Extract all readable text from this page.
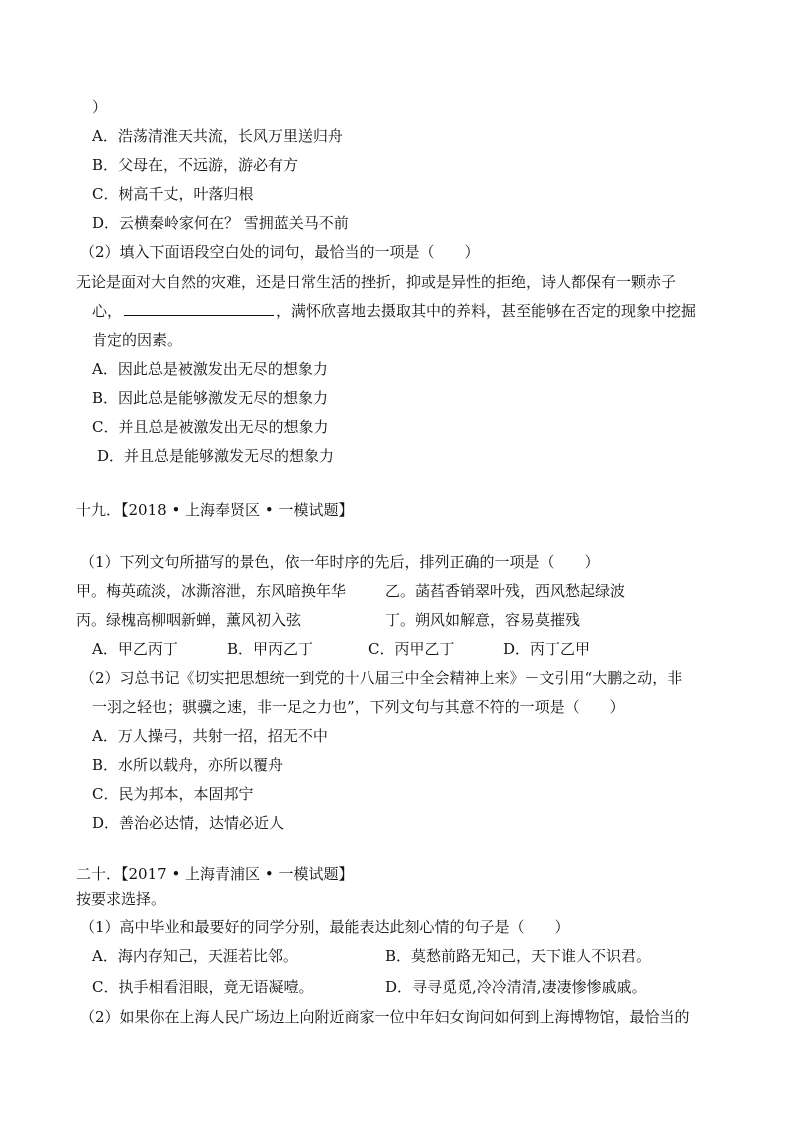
）
A．浩荡清淮天共流，长风万里送归舟
B．父母在，不远游，游必有方
C．树高千丈，叶落归根
D．云横秦岭家何在？ 雪拥蓝关马不前
（2）填入下面语段空白处的词句，最恰当的一项是（　　）
无论是面对大自然的灾难，还是日常生活的挫折，抑或是异性的拒绝，诗人都保有一颗赤子
心，	，满怀欣喜地去摄取其中的养料，甚至能够在否定的现象中挖掘
肯定的因素。
A．因此总是被激发出无尽的想象力
B．因此总是能够激发无尽的想象力
C．并且总是被激发出无尽的想象力
D．并且总是能够激发无尽的想象力
十九．【2018 • 上海奉贤区 • 一模试题】
（1）下列文句所描写的景色，依一年时序的先后，排列正确的一项是（　　）
甲。梅英疏淡，冰澌溶泄，东风暗换年华	乙。菡萏香销翠叶残，西风愁起绿波
丙。绿槐高柳咽新蝉，薰风初入弦	丁。朔风如解意，容易莫摧残
A．甲乙丙丁	B．甲丙乙丁	C．丙甲乙丁	D．丙丁乙甲
（2）习总书记《切实把思想统一到党的十八届三中全会精神上来》－文引用“大鹏之动，非
一羽之轻也；骐骥之速，非一足之力也”，下列文句与其意不符的一项是（　　）
A．万人操弓，共射一招，招无不中
B．水所以载舟，亦所以覆舟
C．民为邦本，本固邦宁
D．善治必达情，达情必近人
二十．【2017 • 上海青浦区 • 一模试题】
按要求选择。
（1）高中毕业和最要好的同学分别，最能表达此刻心情的句子是（　　）
A．海内存知己，天涯若比邻。	B．莫愁前路无知己，天下谁人不识君。
C．执手相看泪眼，竟无语凝噎。	D．寻寻觅觅,冷冷清清,凄凄惨惨戚戚。
（2）如果你在上海人民广场边上向附近商家一位中年妇女询问如何到上海博物馆，最恰当的
